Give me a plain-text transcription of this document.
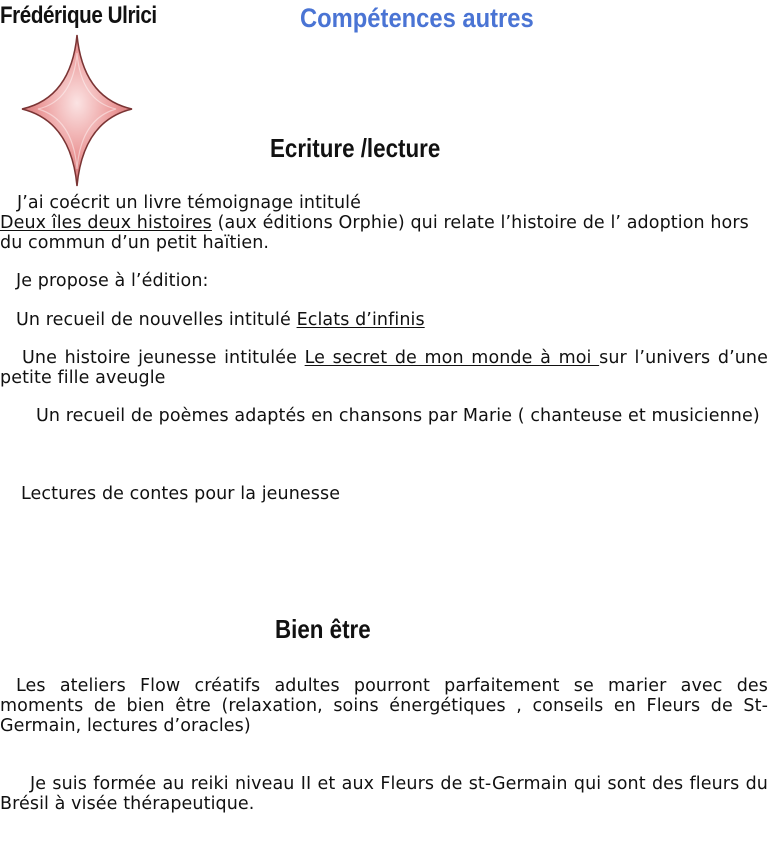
Frédérique Ulrici	Compétences autres
Ecriture /lecture
J’ai coécrit un livre témoignage intitulé
Deux îles deux histoires (aux éditions Orphie) qui relate l’histoire de l’ adoption hors du commun d’un petit haïtien.
Je propose à l’édition:
Un recueil de nouvelles intitulé Eclats d’infinis
Une histoire jeunesse intitulée Le secret de mon monde à moi sur l’univers d’une petite fille aveugle
Un recueil de poèmes adaptés en chansons par Marie ( chanteuse et musicienne)
Lectures de contes pour la jeunesse
Bien être
Les ateliers Flow créatifs adultes pourront parfaitement se marier avec des moments de bien être (relaxation, soins énergétiques , conseils en Fleurs de St-Germain, lectures d’oracles)
Je suis formée au reiki niveau II et aux Fleurs de st-Germain qui sont des fleurs du Brésil à visée thérapeutique.
